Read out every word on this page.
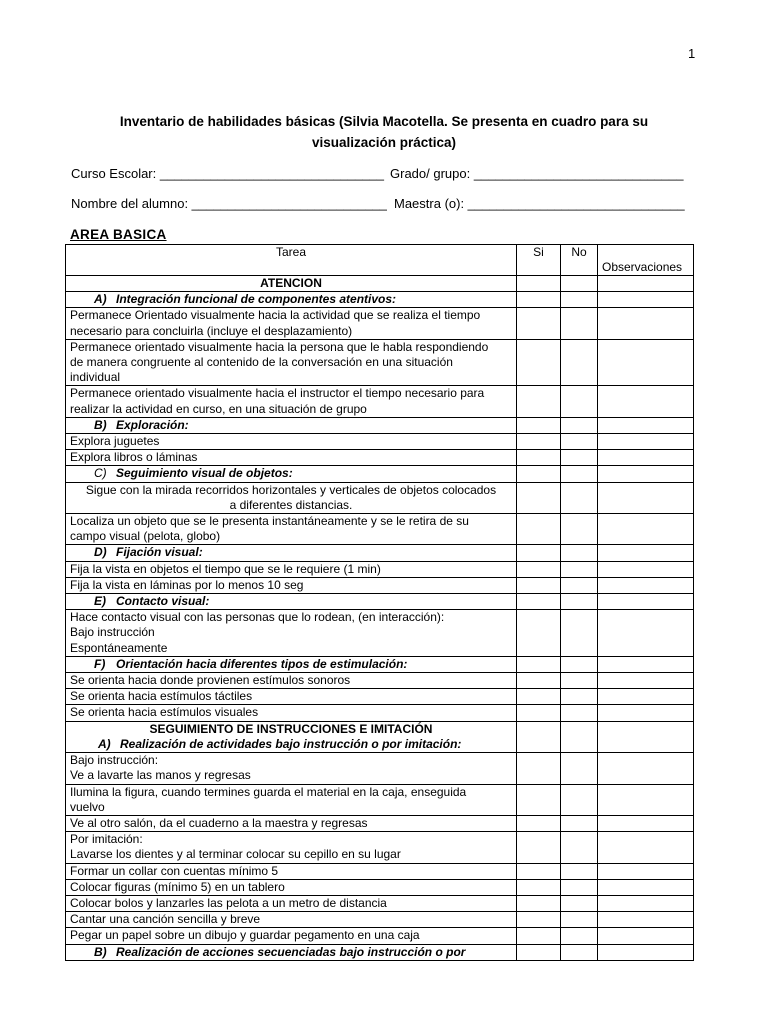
1
Inventario de habilidades básicas (Silvia Macotella. Se presenta en cuadro para su visualización práctica)
Curso Escolar: _______________________________ Grado/ grupo: _____________________________
Nombre del alumno: ___________________________ Maestra (o): ______________________________
AREA BASICA
Tarea	Si	No	Observaciones
ATENCION			
A) Integración funcional de componentes atentivos:			

Permanece Orientado visualmente hacia la actividad que se realiza el tiempo
necesario para concluirla (incluye el desplazamiento)			

Permanece orientado visualmente hacia la persona que le habla respondiendo
de manera congruente al contenido de la conversación en una situación
individual			

Permanece orientado visualmente hacia el instructor el tiempo necesario para
realizar la actividad en curso, en una situación de grupo			

B) Exploración:			

Explora juguetes			

Explora libros o láminas			

C) Seguimiento visual de objetos:			

Sigue con la mirada recorridos horizontales y verticales de objetos colocados
a diferentes distancias.			

Localiza un objeto que se le presenta instantáneamente y se le retira de su
campo visual (pelota, globo)			

D) Fijación visual:			

Fija la vista en objetos el tiempo que se le requiere (1 min)			

Fija la vista en láminas por lo menos 10 seg			

E) Contacto visual:			

Hace contacto visual con las personas que lo rodean, (en interacción):
Bajo instrucción
Espontáneamente			

F) Orientación hacia diferentes tipos de estimulación:			

Se orienta hacia donde provienen estímulos sonoros			

Se orienta hacia estímulos táctiles			

Se orienta hacia estímulos visuales			

SEGUIMIENTO DE INSTRUCCIONES E IMITACIÓN
A) Realización de actividades bajo instrucción o por imitación:			

Bajo instrucción:
Ve a lavarte las manos y regresas			

Ilumina la figura, cuando termines guarda el material en la caja, enseguida
vuelvo			

Ve al otro salón, da el cuaderno a la maestra y regresas			

Por imitación:
Lavarse los dientes y al terminar colocar su cepillo en su lugar			

Formar un collar con cuentas mínimo 5			

Colocar figuras (mínimo 5) en un tablero			

Colocar bolos y lanzarles las pelota a un metro de distancia			

Cantar una canción sencilla y breve			

Pegar un papel sobre un dibujo y guardar pegamento en una caja			

B) Realización de acciones secuenciadas bajo instrucción o por			
